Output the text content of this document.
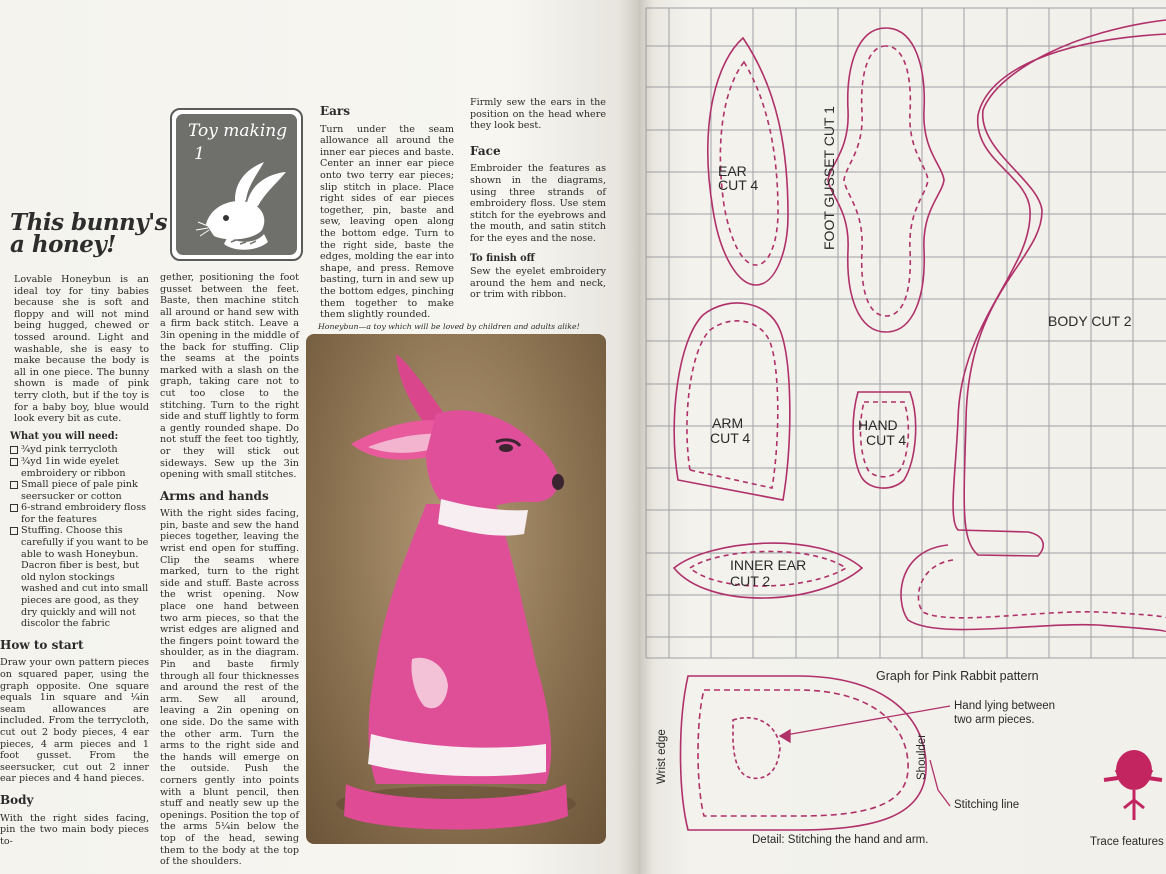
Toy making
1
This bunny's
a honey!

Lovable Honeybun is an ideal toy for tiny babies because she is soft and floppy and will not mind being hugged, chewed or tossed around. Light and washable, she is easy to make because the body is all in one piece. The bunny shown is made of pink terry cloth, but if the toy is for a baby boy, blue would look every bit as cute.

What you will need:
¾yd pink terrycloth
¾yd 1in wide eyelet embroidery or ribbon
Small piece of pale pink seersucker or cotton
6-strand embroidery floss for the features
Stuffing. Choose this carefully if you want to be able to wash Honeybun. Dacron fiber is best, but old nylon stockings washed and cut into small pieces are good, as they dry quickly and will not discolor the fabric
How to start

Draw your own pattern pieces on squared paper, using the graph opposite. One square equals 1in square and ¼in seam allowances are included. From the terrycloth, cut out 2 body pieces, 4 ear pieces, 4 arm pieces and 1 foot gusset. From the seersucker, cut out 2 inner ear pieces and 4 hand pieces.

Body

With the right sides facing, pin the two main body pieces to-

gether, positioning the foot gusset between the feet. Baste, then machine stitch all around or hand sew with a firm back stitch. Leave a 3in opening in the middle of the back for stuffing. Clip the seams at the points marked with a slash on the graph, taking care not to cut too close to the stitching. Turn to the right side and stuff lightly to form a gently rounded shape. Do not stuff the feet too tightly, or they will stick out sideways. Sew up the 3in opening with small stitches.

Arms and hands

With the right sides facing, pin, baste and sew the hand pieces together, leaving the wrist end open for stuffing. Clip the seams where marked, turn to the right side and stuff. Baste across the wrist opening. Now place one hand between two arm pieces, so that the wrist edges are aligned and the fingers point toward the shoulder, as in the diagram. Pin and baste firmly through all four thicknesses and around the rest of the arm. Sew all around, leaving a 2in opening on one side. Do the same with the other arm. Turn the arms to the right side and the hands will emerge on the outside. Push the corners gently into points with a blunt pencil, then stuff and neatly sew up the openings. Position the top of the arms 5¼in below the top of the head, sewing them to the body at the top of the shoulders.

Ears

Turn under the seam allowance all around the inner ear pieces and baste. Center an inner ear piece onto two terry ear pieces; slip stitch in place. Place right sides of ear pieces together, pin, baste and sew, leaving open along the bottom edge. Turn to the right side, baste the edges, molding the ear into shape, and press. Remove basting, turn in and sew up the bottom edges, pinching them together to make them slightly rounded.

Firmly sew the ears in the position on the head where they look best.

Face

Embroider the features as shown in the diagrams, using three strands of embroidery floss. Use stem stitch for the eyebrows and the mouth, and satin stitch for the eyes and the nose.

To finish off

Sew the eyelet embroidery around the hem and neck, or trim with ribbon.

Honeybun—a toy which will be loved by children and adults alike!
EAR
CUT 4	FOOT GUSSET CUT 1
BODY CUT 2
ARM
CUT 4
HAND
CUT 4
INNER EAR
CUT 2
Graph for Pink Rabbit pattern
Wrist edge	Shoulder
Hand lying between
two arm pieces.
Stitching line
Detail: Stitching the hand and arm.	Trace features
